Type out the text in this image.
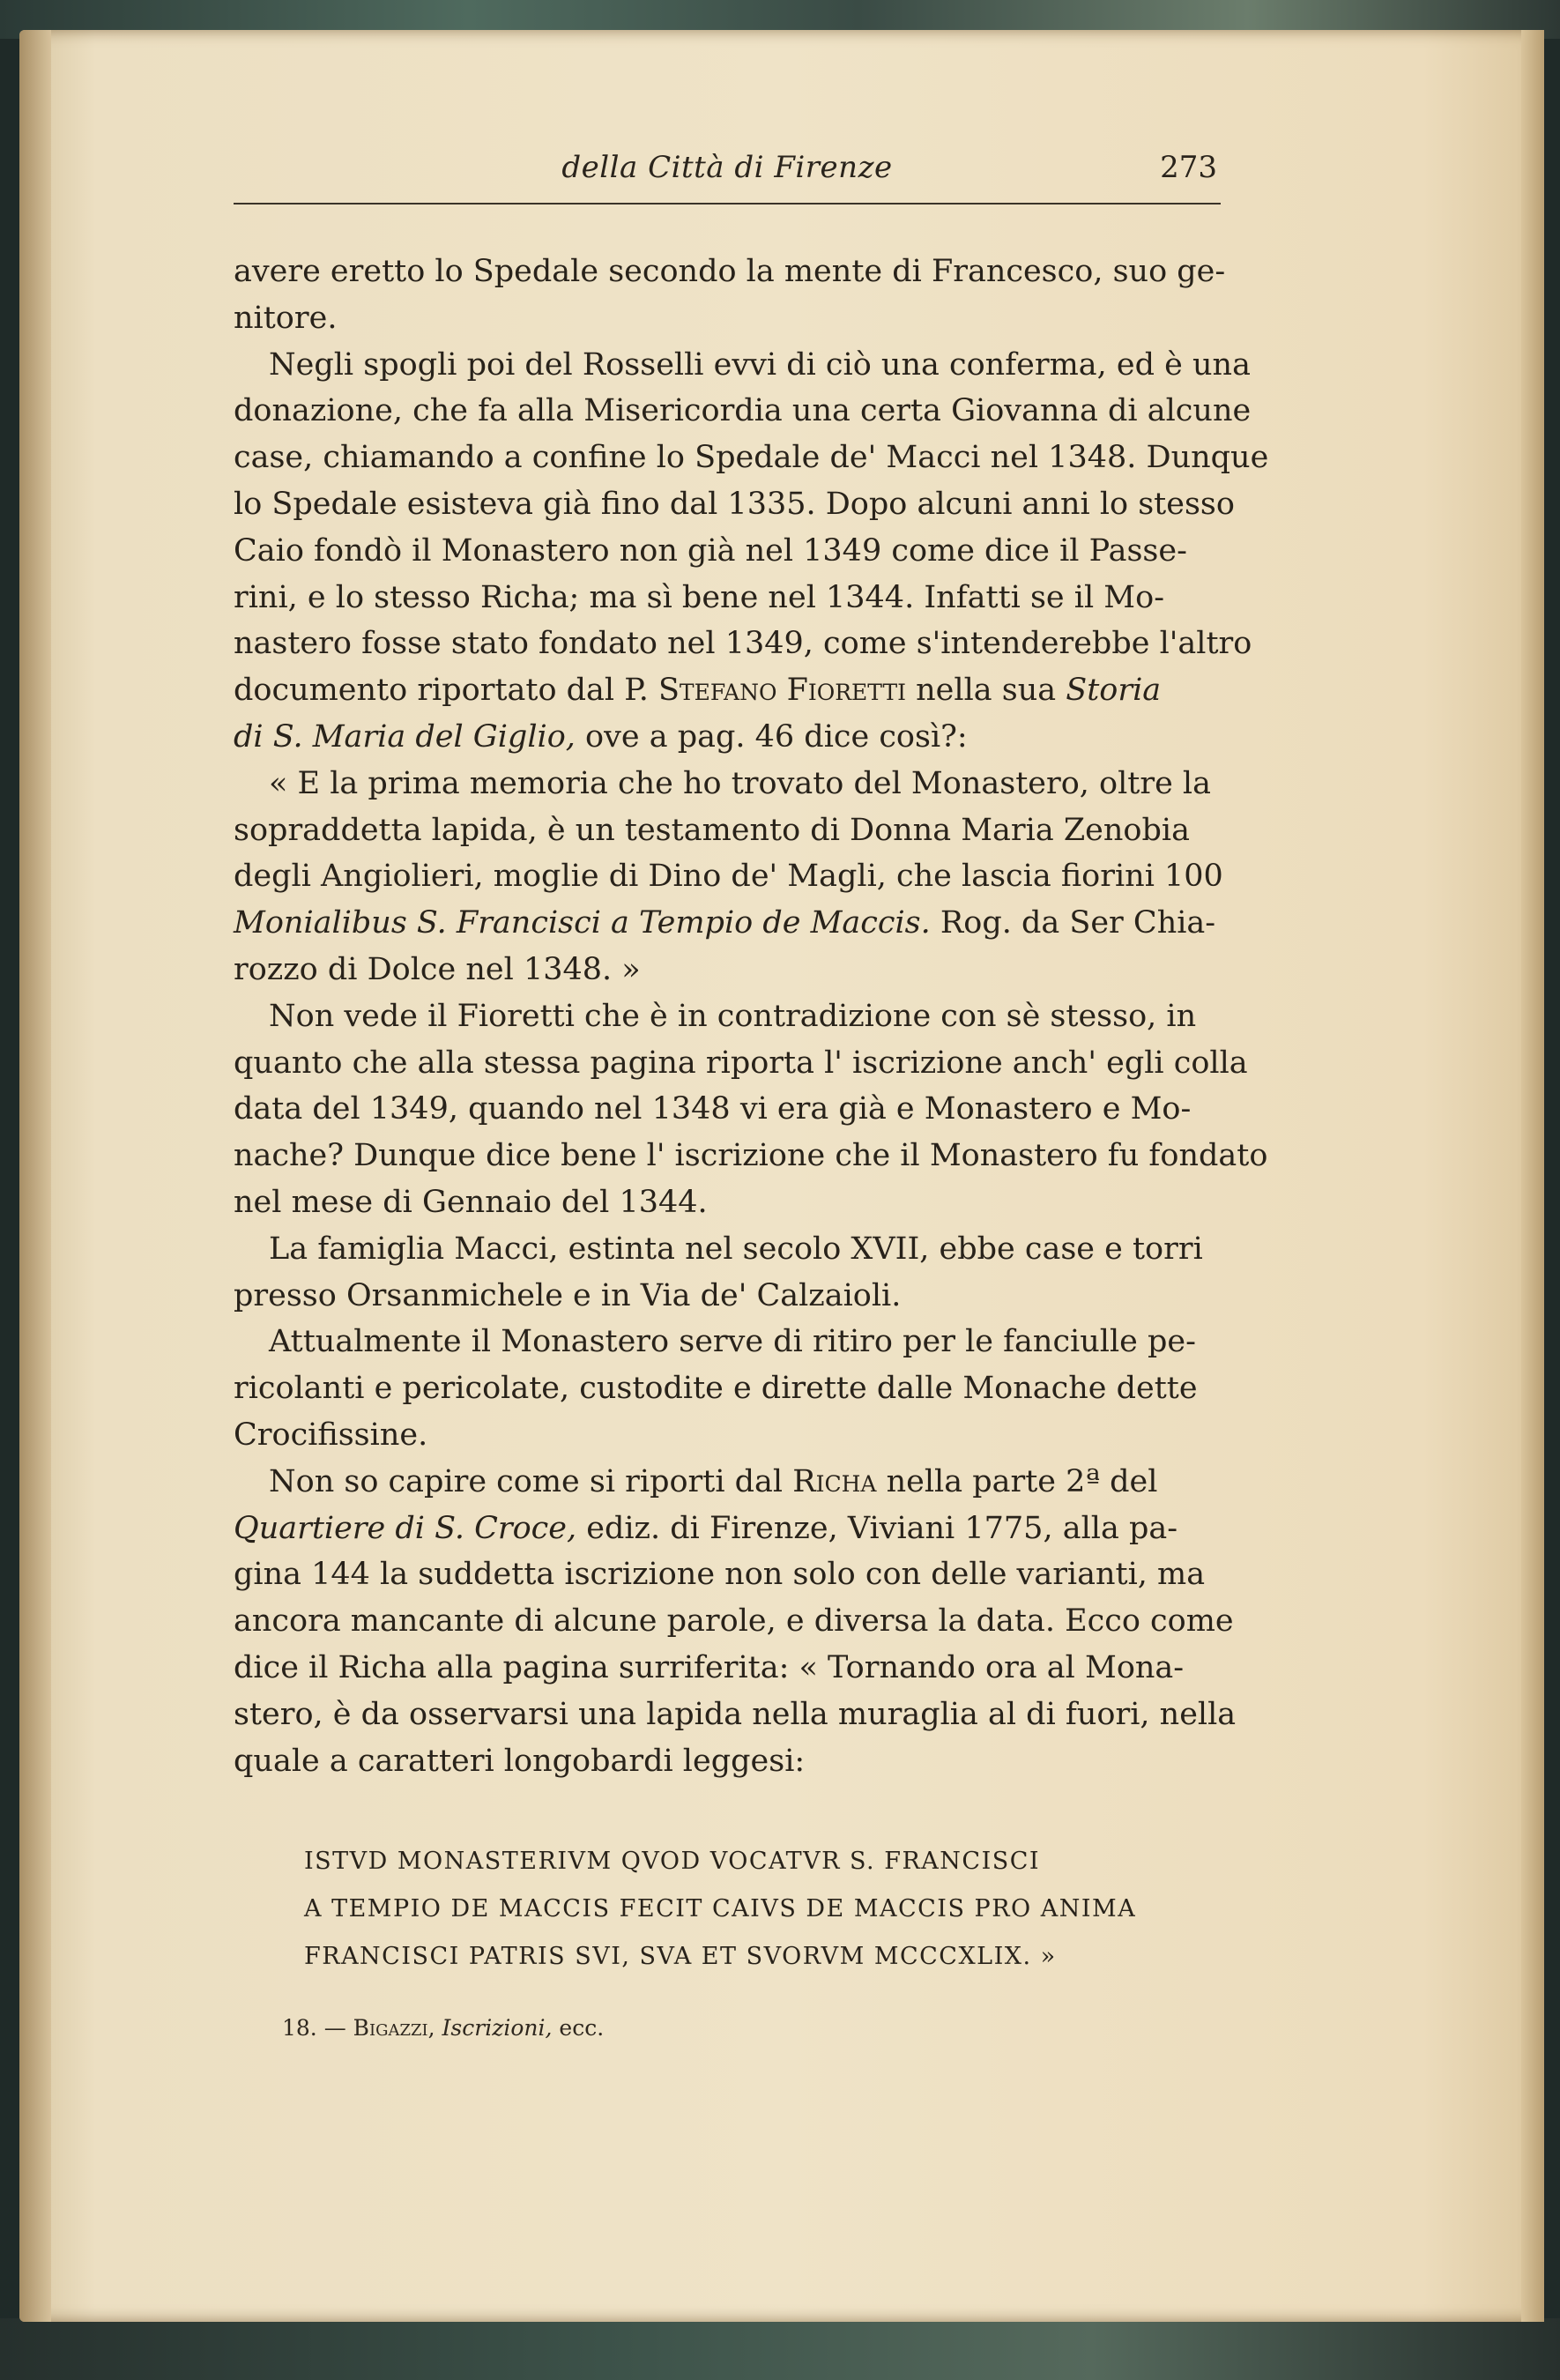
della Città di Firenze	273

avere eretto lo Spedale secondo la mente di Francesco, suo ge-
nitore.

Negli spogli poi del Rosselli evvi di ciò una conferma, ed è una
donazione, che fa alla Misericordia una certa Giovanna di alcune
case, chiamando a confine lo Spedale de' Macci nel 1348. Dunque
lo Spedale esisteva già fino dal 1335. Dopo alcuni anni lo stesso
Caio fondò il Monastero non già nel 1349 come dice il Passe-
rini, e lo stesso Richa; ma sì bene nel 1344. Infatti se il Mo-
nastero fosse stato fondato nel 1349, come s'intenderebbe l'altro
documento riportato dal P. Stefano Fioretti nella sua Storia
di S. Maria del Giglio, ove a pag. 46 dice così?:

« E la prima memoria che ho trovato del Monastero, oltre la
sopraddetta lapida, è un testamento di Donna Maria Zenobia
degli Angiolieri, moglie di Dino de' Magli, che lascia fiorini 100
Monialibus S. Francisci a Tempio de Maccis. Rog. da Ser Chia-
rozzo di Dolce nel 1348. »

Non vede il Fioretti che è in contradizione con sè stesso, in
quanto che alla stessa pagina riporta l' iscrizione anch' egli colla
data del 1349, quando nel 1348 vi era già e Monastero e Mo-
nache? Dunque dice bene l' iscrizione che il Monastero fu fondato
nel mese di Gennaio del 1344.

La famiglia Macci, estinta nel secolo XVII, ebbe case e torri
presso Orsanmichele e in Via de' Calzaioli.

Attualmente il Monastero serve di ritiro per le fanciulle pe-
ricolanti e pericolate, custodite e dirette dalle Monache dette
Crocifissine.

Non so capire come si riporti dal Richa nella parte 2ª del
Quartiere di S. Croce, ediz. di Firenze, Viviani 1775, alla pa-
gina 144 la suddetta iscrizione non solo con delle varianti, ma
ancora mancante di alcune parole, e diversa la data. Ecco come
dice il Richa alla pagina surriferita: « Tornando ora al Mona-
stero, è da osservarsi una lapida nella muraglia al di fuori, nella
quale a caratteri longobardi leggesi:

ISTVD MONASTERIVM QVOD VOCATVR S. FRANCISCI
A TEMPIO DE MACCIS FECIT CAIVS DE MACCIS PRO ANIMA
FRANCISCI PATRIS SVI, SVA ET SVORVM MCCCXLIX. »
18. — Bigazzi, Iscrizioni, ecc.
